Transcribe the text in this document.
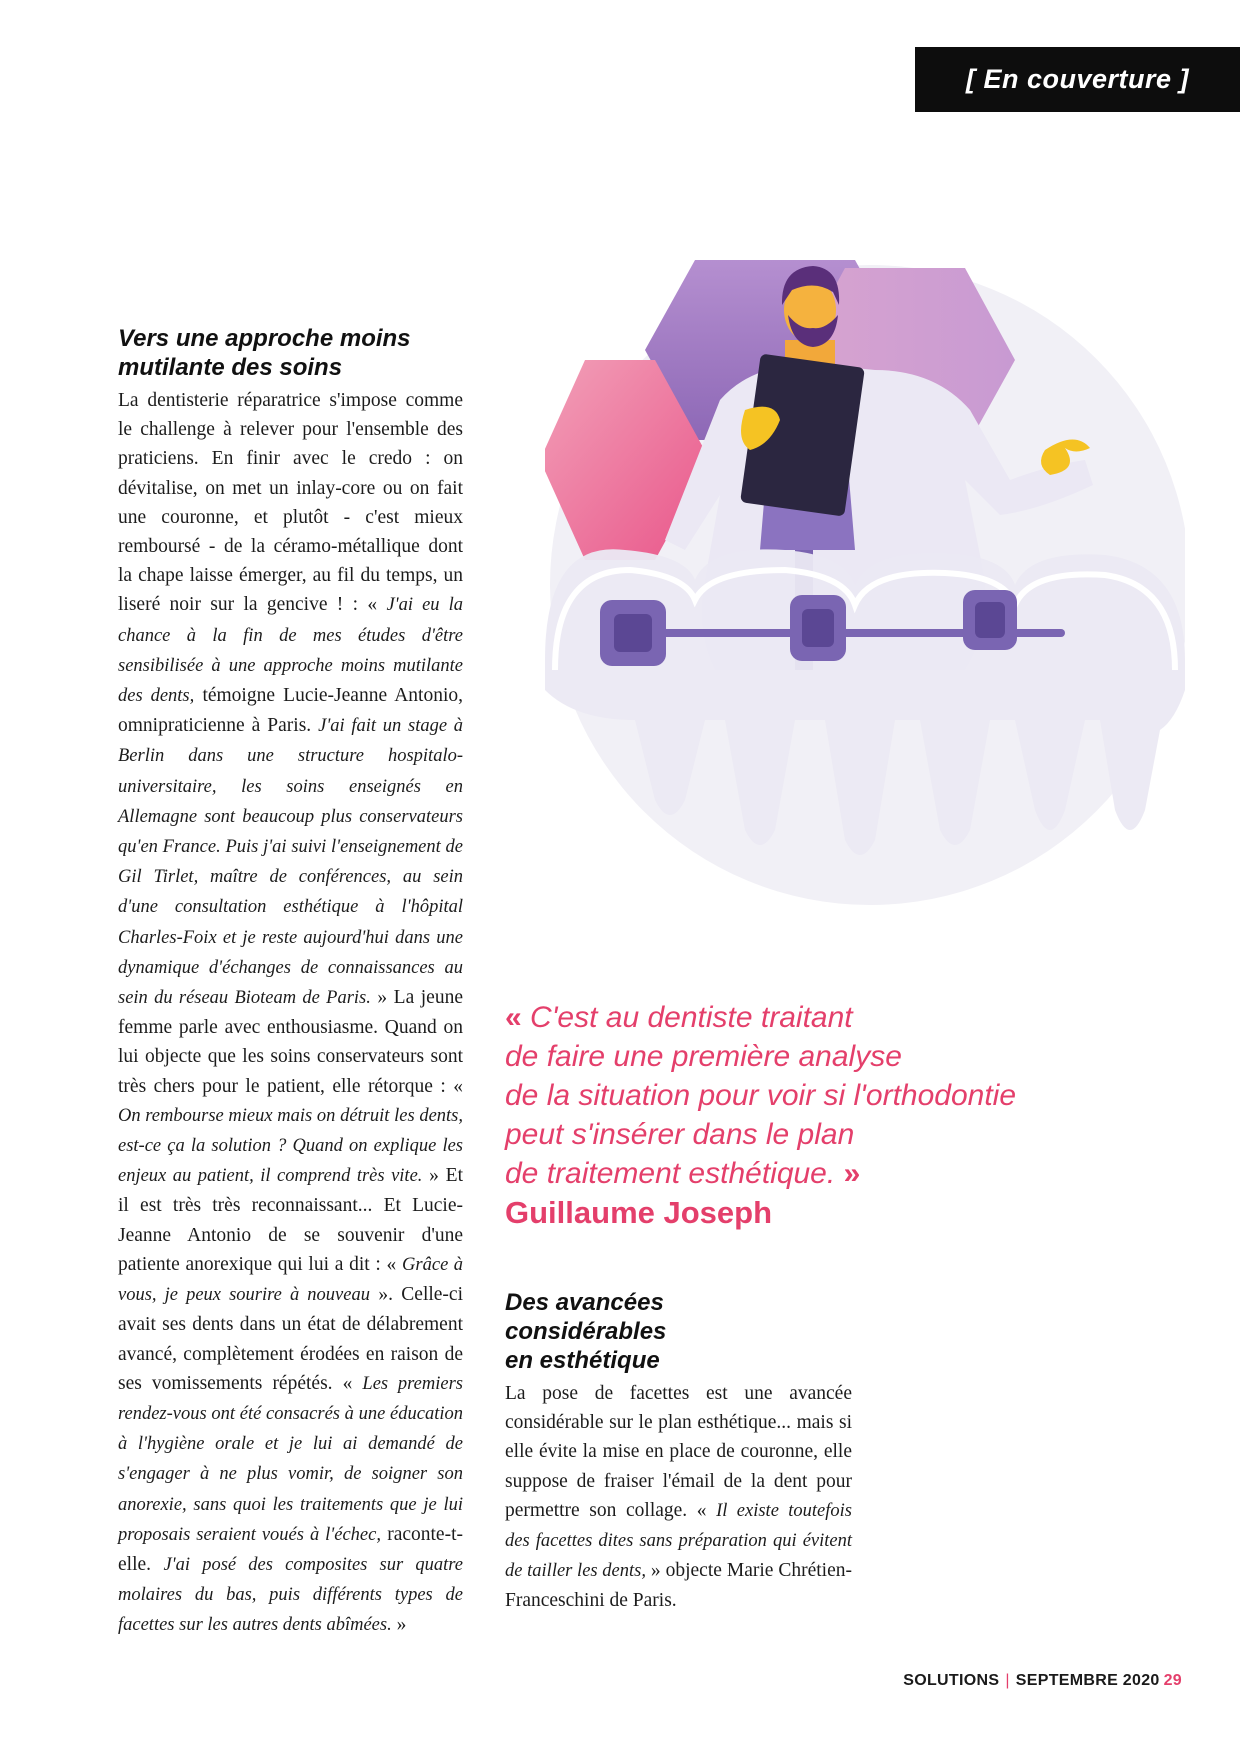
[ En couverture ]
Vers une approche moins mutilante des soins

La dentisterie réparatrice s'impose comme le challenge à relever pour l'ensemble des praticiens. En finir avec le credo : on dévitalise, on met un inlay-core ou on fait une couronne, et plutôt - c'est mieux remboursé - de la céramo-métallique dont la chape laisse émerger, au fil du temps, un liseré noir sur la gencive ! : « J'ai eu la chance à la fin de mes études d'être sensibilisée à une approche moins mutilante des dents, témoigne Lucie-Jeanne Antonio, omnipraticienne à Paris. J'ai fait un stage à Berlin dans une structure hospitalo-universitaire, les soins enseignés en Allemagne sont beaucoup plus conservateurs qu'en France. Puis j'ai suivi l'enseignement de Gil Tirlet, maître de conférences, au sein d'une consultation esthétique à l'hôpital Charles-Foix et je reste aujourd'hui dans une dynamique d'échanges de connaissances au sein du réseau Bioteam de Paris. » La jeune femme parle avec enthousiasme. Quand on lui objecte que les soins conservateurs sont très chers pour le patient, elle rétorque : « On rembourse mieux mais on détruit les dents, est-ce ça la solution ? Quand on explique les enjeux au patient, il comprend très vite. » Et il est très très reconnaissant... Et Lucie-Jeanne Antonio de se souvenir d'une patiente anorexique qui lui a dit : « Grâce à vous, je peux sourire à nouveau ». Celle-ci avait ses dents dans un état de délabrement avancé, complètement érodées en raison de ses vomissements répétés. « Les premiers rendez-vous ont été consacrés à une éducation à l'hygiène orale et je lui ai demandé de s'engager à ne plus vomir, de soigner son anorexie, sans quoi les traitements que je lui proposais seraient voués à l'échec, raconte-t-elle. J'ai posé des composites sur quatre molaires du bas, puis différents types de facettes sur les autres dents abîmées. »

« C'est au dentiste traitant
de faire une première analyse
de la situation pour voir si l'orthodontie
peut s'insérer dans le plan
de traitement esthétique. »
Guillaume Joseph
Des avancées
considérables
en esthétique

La pose de facettes est une avancée considérable sur le plan esthétique... mais si elle évite la mise en place de couronne, elle suppose de fraiser l'émail de la dent pour permettre son collage. « Il existe toutefois des facettes dites sans préparation qui évitent de tailler les dents, » objecte Marie Chrétien-Franceschini de Paris.

SOLUTIONS | SEPTEMBRE 2020 29
